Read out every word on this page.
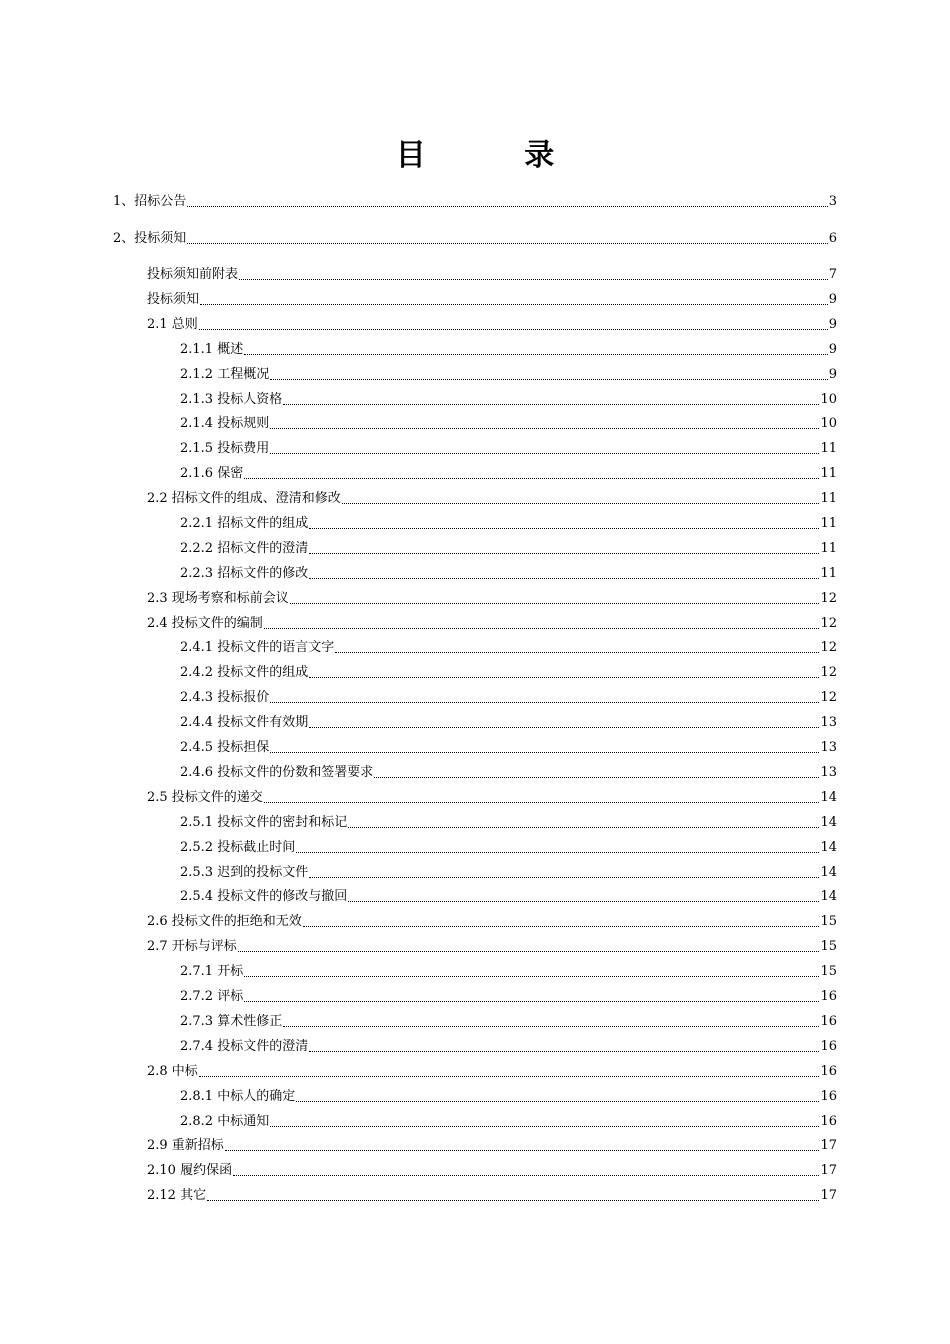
目 录
1、招标公告	3
2、投标须知	6
投标须知前附表	7
投标须知	9
2.1 总则	9
2.1.1 概述	9
2.1.2 工程概况	9
2.1.3 投标人资格	10
2.1.4 投标规则	10
2.1.5 投标费用	11
2.1.6 保密	11
2.2 招标文件的组成、澄清和修改	11
2.2.1 招标文件的组成	11
2.2.2 招标文件的澄清	11
2.2.3 招标文件的修改	11
2.3 现场考察和标前会议	12
2.4 投标文件的编制	12
2.4.1 投标文件的语言文字	12
2.4.2 投标文件的组成	12
2.4.3 投标报价	12
2.4.4 投标文件有效期	13
2.4.5 投标担保	13
2.4.6 投标文件的份数和签署要求	13
2.5 投标文件的递交	14
2.5.1 投标文件的密封和标记	14
2.5.2 投标截止时间	14
2.5.3 迟到的投标文件	14
2.5.4 投标文件的修改与撤回	14
2.6 投标文件的拒绝和无效	15
2.7 开标与评标	15
2.7.1 开标	15
2.7.2 评标	16
2.7.3 算术性修正	16
2.7.4 投标文件的澄清	16
2.8 中标	16
2.8.1 中标人的确定	16
2.8.2 中标通知	16
2.9 重新招标	17
2.10 履约保函	17
2.12 其它	17
